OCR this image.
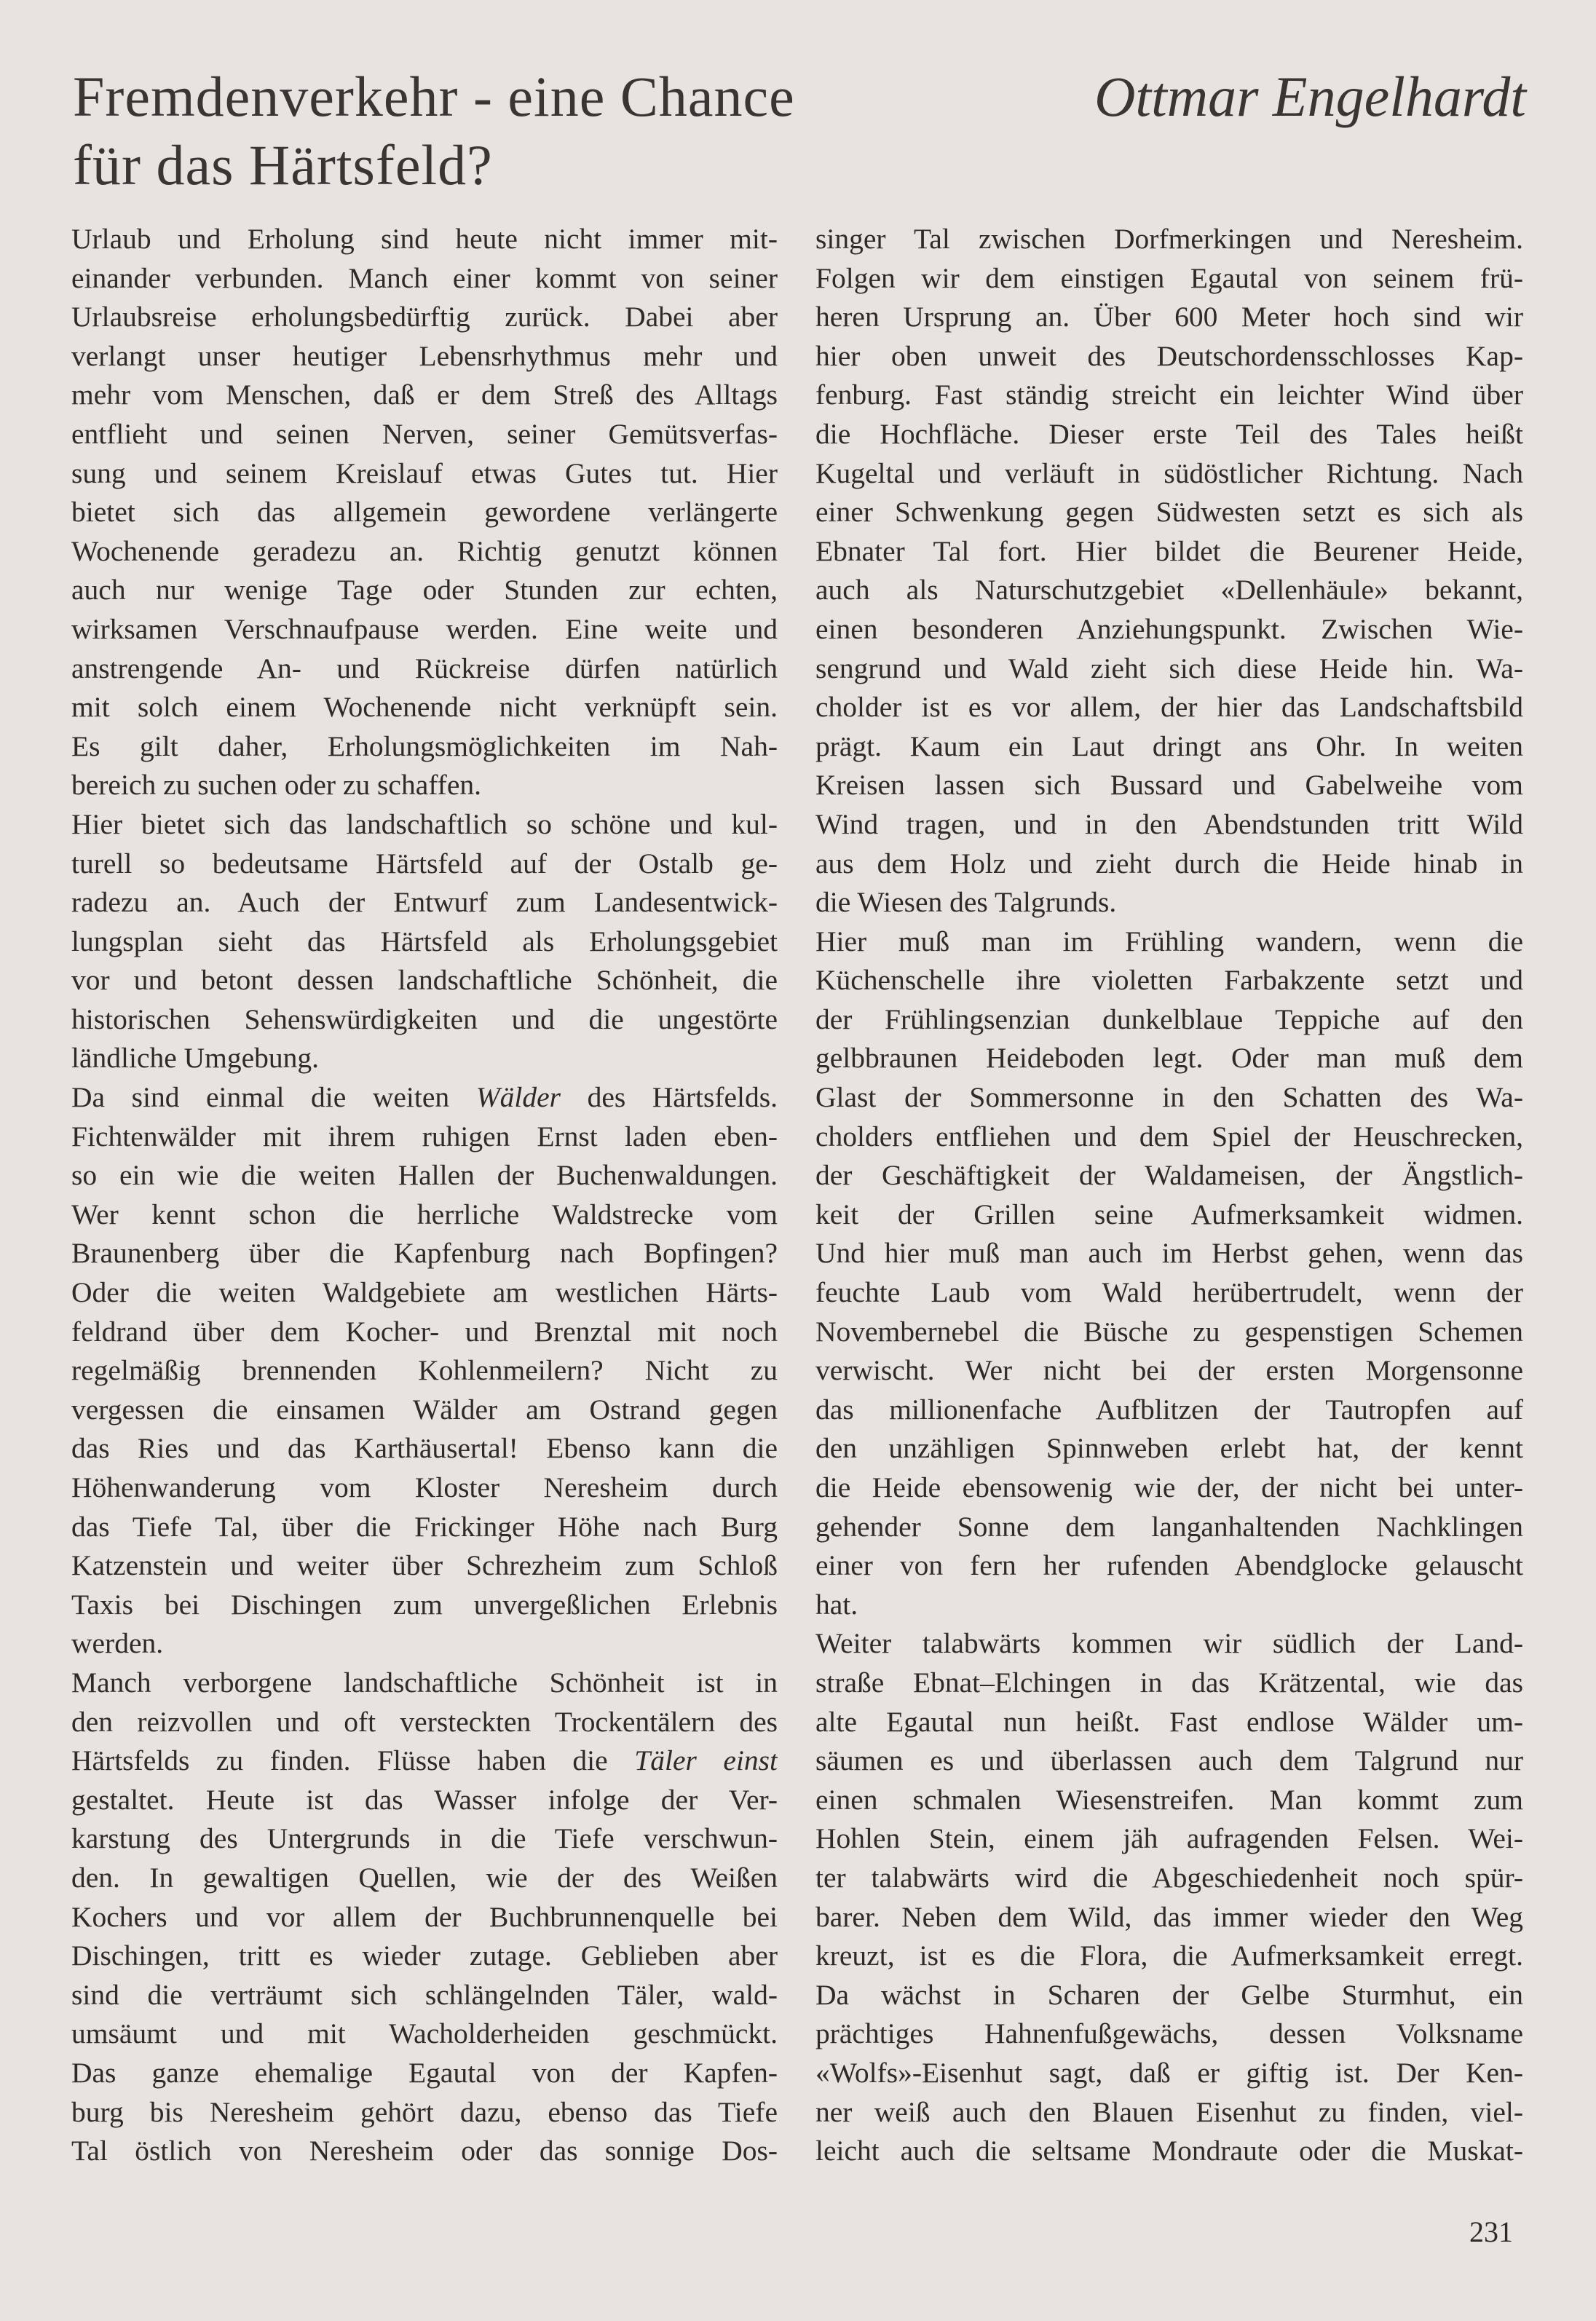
Fremdenverkehr - eine Chance
für das Härtsfeld?
Ottmar Engelhardt
Urlaub und Erholung sind heute nicht immer mit-
einander verbunden. Manch einer kommt von seiner
Urlaubsreise erholungsbedürftig zurück. Dabei aber
verlangt unser heutiger Lebensrhythmus mehr und
mehr vom Menschen, daß er dem Streß des Alltags
entflieht und seinen Nerven, seiner Gemütsverfas-
sung und seinem Kreislauf etwas Gutes tut. Hier
bietet sich das allgemein gewordene verlängerte
Wochenende geradezu an. Richtig genutzt können
auch nur wenige Tage oder Stunden zur echten,
wirksamen Verschnaufpause werden. Eine weite und
anstrengende An- und Rückreise dürfen natürlich
mit solch einem Wochenende nicht verknüpft sein.
Es gilt daher, Erholungsmöglichkeiten im Nah-
bereich zu suchen oder zu schaffen.
Hier bietet sich das landschaftlich so schöne und kul-
turell so bedeutsame Härtsfeld auf der Ostalb ge-
radezu an. Auch der Entwurf zum Landesentwick-
lungsplan sieht das Härtsfeld als Erholungsgebiet
vor und betont dessen landschaftliche Schönheit, die
historischen Sehenswürdigkeiten und die ungestörte
ländliche Umgebung.
Da sind einmal die weiten Wälder des Härtsfelds.
Fichtenwälder mit ihrem ruhigen Ernst laden eben-
so ein wie die weiten Hallen der Buchenwaldungen.
Wer kennt schon die herrliche Waldstrecke vom
Braunenberg über die Kapfenburg nach Bopfingen?
Oder die weiten Waldgebiete am westlichen Härts-
feldrand über dem Kocher- und Brenztal mit noch
regelmäßig brennenden Kohlenmeilern? Nicht zu
vergessen die einsamen Wälder am Ostrand gegen
das Ries und das Karthäusertal! Ebenso kann die
Höhenwanderung vom Kloster Neresheim durch
das Tiefe Tal, über die Frickinger Höhe nach Burg
Katzenstein und weiter über Schrezheim zum Schloß
Taxis bei Dischingen zum unvergeßlichen Erlebnis
werden.
Manch verborgene landschaftliche Schönheit ist in
den reizvollen und oft versteckten Trockentälern des
Härtsfelds zu finden. Flüsse haben die Täler einst
gestaltet. Heute ist das Wasser infolge der Ver-
karstung des Untergrunds in die Tiefe verschwun-
den. In gewaltigen Quellen, wie der des Weißen
Kochers und vor allem der Buchbrunnenquelle bei
Dischingen, tritt es wieder zutage. Geblieben aber
sind die verträumt sich schlängelnden Täler, wald-
umsäumt und mit Wacholderheiden geschmückt.
Das ganze ehemalige Egautal von der Kapfen-
burg bis Neresheim gehört dazu, ebenso das Tiefe
Tal östlich von Neresheim oder das sonnige Dos-
singer Tal zwischen Dorfmerkingen und Neresheim.
Folgen wir dem einstigen Egautal von seinem frü-
heren Ursprung an. Über 600 Meter hoch sind wir
hier oben unweit des Deutschordensschlosses Kap-
fenburg. Fast ständig streicht ein leichter Wind über
die Hochfläche. Dieser erste Teil des Tales heißt
Kugeltal und verläuft in südöstlicher Richtung. Nach
einer Schwenkung gegen Südwesten setzt es sich als
Ebnater Tal fort. Hier bildet die Beurener Heide,
auch als Naturschutzgebiet «Dellenhäule» bekannt,
einen besonderen Anziehungspunkt. Zwischen Wie-
sengrund und Wald zieht sich diese Heide hin. Wa-
cholder ist es vor allem, der hier das Landschaftsbild
prägt. Kaum ein Laut dringt ans Ohr. In weiten
Kreisen lassen sich Bussard und Gabelweihe vom
Wind tragen, und in den Abendstunden tritt Wild
aus dem Holz und zieht durch die Heide hinab in
die Wiesen des Talgrunds.
Hier muß man im Frühling wandern, wenn die
Küchenschelle ihre violetten Farbakzente setzt und
der Frühlingsenzian dunkelblaue Teppiche auf den
gelbbraunen Heideboden legt. Oder man muß dem
Glast der Sommersonne in den Schatten des Wa-
cholders entfliehen und dem Spiel der Heuschrecken,
der Geschäftigkeit der Waldameisen, der Ängstlich-
keit der Grillen seine Aufmerksamkeit widmen.
Und hier muß man auch im Herbst gehen, wenn das
feuchte Laub vom Wald herübertrudelt, wenn der
Novembernebel die Büsche zu gespenstigen Schemen
verwischt. Wer nicht bei der ersten Morgensonne
das millionenfache Aufblitzen der Tautropfen auf
den unzähligen Spinnweben erlebt hat, der kennt
die Heide ebensowenig wie der, der nicht bei unter-
gehender Sonne dem langanhaltenden Nachklingen
einer von fern her rufenden Abendglocke gelauscht
hat.
Weiter talabwärts kommen wir südlich der Land-
straße Ebnat–Elchingen in das Krätzental, wie das
alte Egautal nun heißt. Fast endlose Wälder um-
säumen es und überlassen auch dem Talgrund nur
einen schmalen Wiesenstreifen. Man kommt zum
Hohlen Stein, einem jäh aufragenden Felsen. Wei-
ter talabwärts wird die Abgeschiedenheit noch spür-
barer. Neben dem Wild, das immer wieder den Weg
kreuzt, ist es die Flora, die Aufmerksamkeit erregt.
Da wächst in Scharen der Gelbe Sturmhut, ein
prächtiges Hahnenfußgewächs, dessen Volksname
«Wolfs»-Eisenhut sagt, daß er giftig ist. Der Ken-
ner weiß auch den Blauen Eisenhut zu finden, viel-
leicht auch die seltsame Mondraute oder die Muskat-
231
